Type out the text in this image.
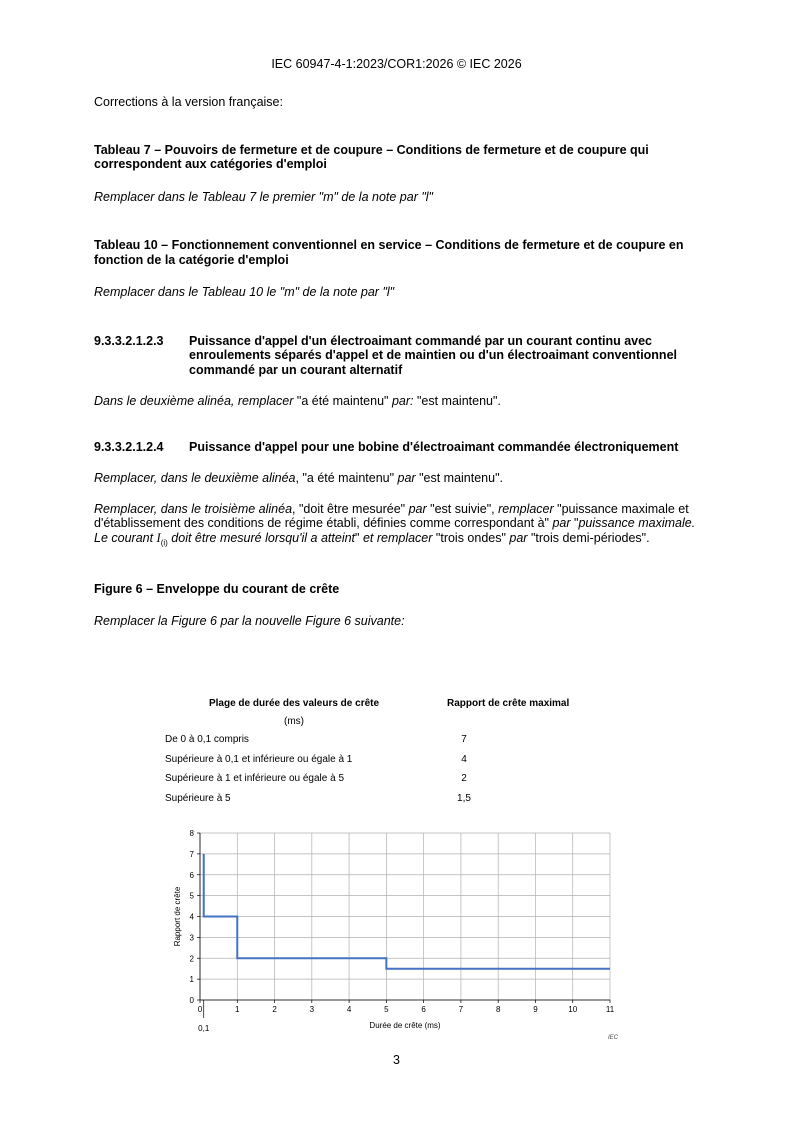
IEC 60947-4-1:2023/COR1:2026 © IEC 2026

Corrections à la version française:

Tableau 7 – Pouvoirs de fermeture et de coupure – Conditions de fermeture et de coupure qui correspondent aux catégories d'emploi

Remplacer dans le Tableau 7 le premier "m" de la note par "l"

Tableau 10 – Fonctionnement conventionnel en service – Conditions de fermeture et de coupure en fonction de la catégorie d'emploi

Remplacer dans le Tableau 10 le "m" de la note par "l"

9.3.3.2.1.2.3	Puissance d'appel d'un électroaimant commandé par un courant continu avec enroulements séparés d'appel et de maintien ou d'un électroaimant conventionnel commandé par un courant alternatif

Dans le deuxième alinéa, remplacer "a été maintenu" par: "est maintenu".

9.3.3.2.1.2.4	Puissance d'appel pour une bobine d'électroaimant commandée électroniquement

Remplacer, dans le deuxième alinéa, "a été maintenu" par "est maintenu".

Remplacer, dans le troisième alinéa, "doit être mesurée" par "est suivie", remplacer "puissance maximale et d'établissement des conditions de régime établi, définies comme correspondant à" par "puissance maximale. Le courant $I_{(i)}$ doit être mesuré lorsqu'il a atteint" et remplacer "trois ondes" par "trois demi-périodes".

Figure 6 – Enveloppe du courant de crête

Remplacer la Figure 6 par la nouvelle Figure 6 suivante:

Plage de durée des valeurs de crête	Rapport de crête maximal
(ms)
De 0 à 0,1 compris	7
Supérieure à 0,1 et inférieure ou égale à 1	4
Supérieure à 1 et inférieure ou égale à 5	2
Supérieure à 5	1,5
0	1	2	3	4	5	6	7	8	9	10	11
0
1
2
3
4
5
6
7
8
0,1	Durée de crête (ms)
Rapport de crête
IEC
3
